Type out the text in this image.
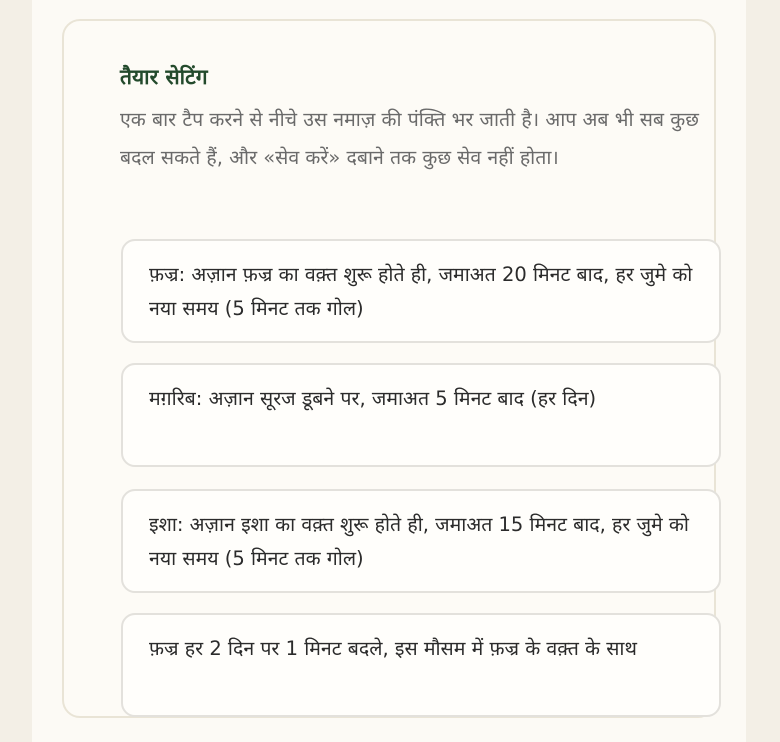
तैयार सेटिंग

एक बार टैप करने से नीचे उस नमाज़ की पंक्ति भर जाती है। आप अब भी सब कुछ बदल सकते हैं, और «सेव करें» दबाने तक कुछ सेव नहीं होता।

फ़ज्र: अज़ान फ़ज्र का वक़्त शुरू होते ही, जमाअत 20 मिनट बाद, हर जुमे को नया समय (5 मिनट तक गोल)
मग़रिब: अज़ान सूरज डूबने पर, जमाअत 5 मिनट बाद (हर दिन)
इशा: अज़ान इशा का वक़्त शुरू होते ही, जमाअत 15 मिनट बाद, हर जुमे को नया समय (5 मिनट तक गोल)
फ़ज्र हर 2 दिन पर 1 मिनट बदले, इस मौसम में फ़ज्र के वक़्त के साथ
